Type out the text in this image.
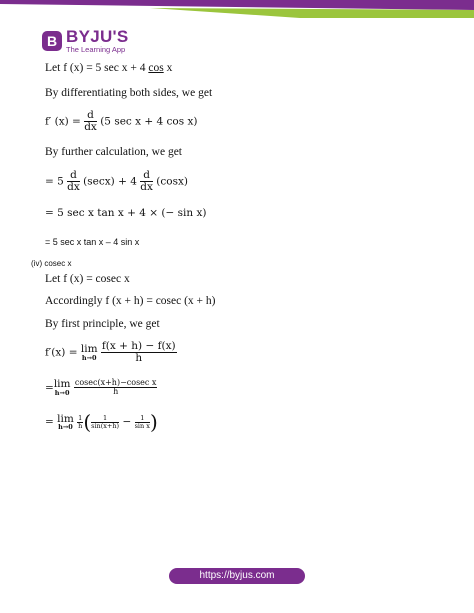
B BYJU'S
The Learning App
Let f (x) = 5 sec x + 4 cos x
By differentiating both sides, we get
f′ $(x) = \frac{d}{dx} (5$ sec x + 4 cos x)
By further calculation, we get
= $5 \frac{d}{dx} (\sec x) + 4 \frac{d}{dx} (\cos x)$
= 5 sec x tan x + 4 × (− sin x)
= 5 sec x tan x – 4 sin x
(iv) cosec x
Let f (x) = cosec x
Accordingly f (x + h) = cosec (x + h)
By first principle, we get
f′(x) = lim
h→0
$\frac{f(x + h) - f(x)}{h}$
= lim
h→0
$\frac{\text{cosec(x+h)−cosec x}}{h}$
= lim
h→0
$\frac{1}{h}$ ( $\frac{1}{\sin(x+h)} - \frac{1}{\text{sin x}}$ )
https://byjus.com
